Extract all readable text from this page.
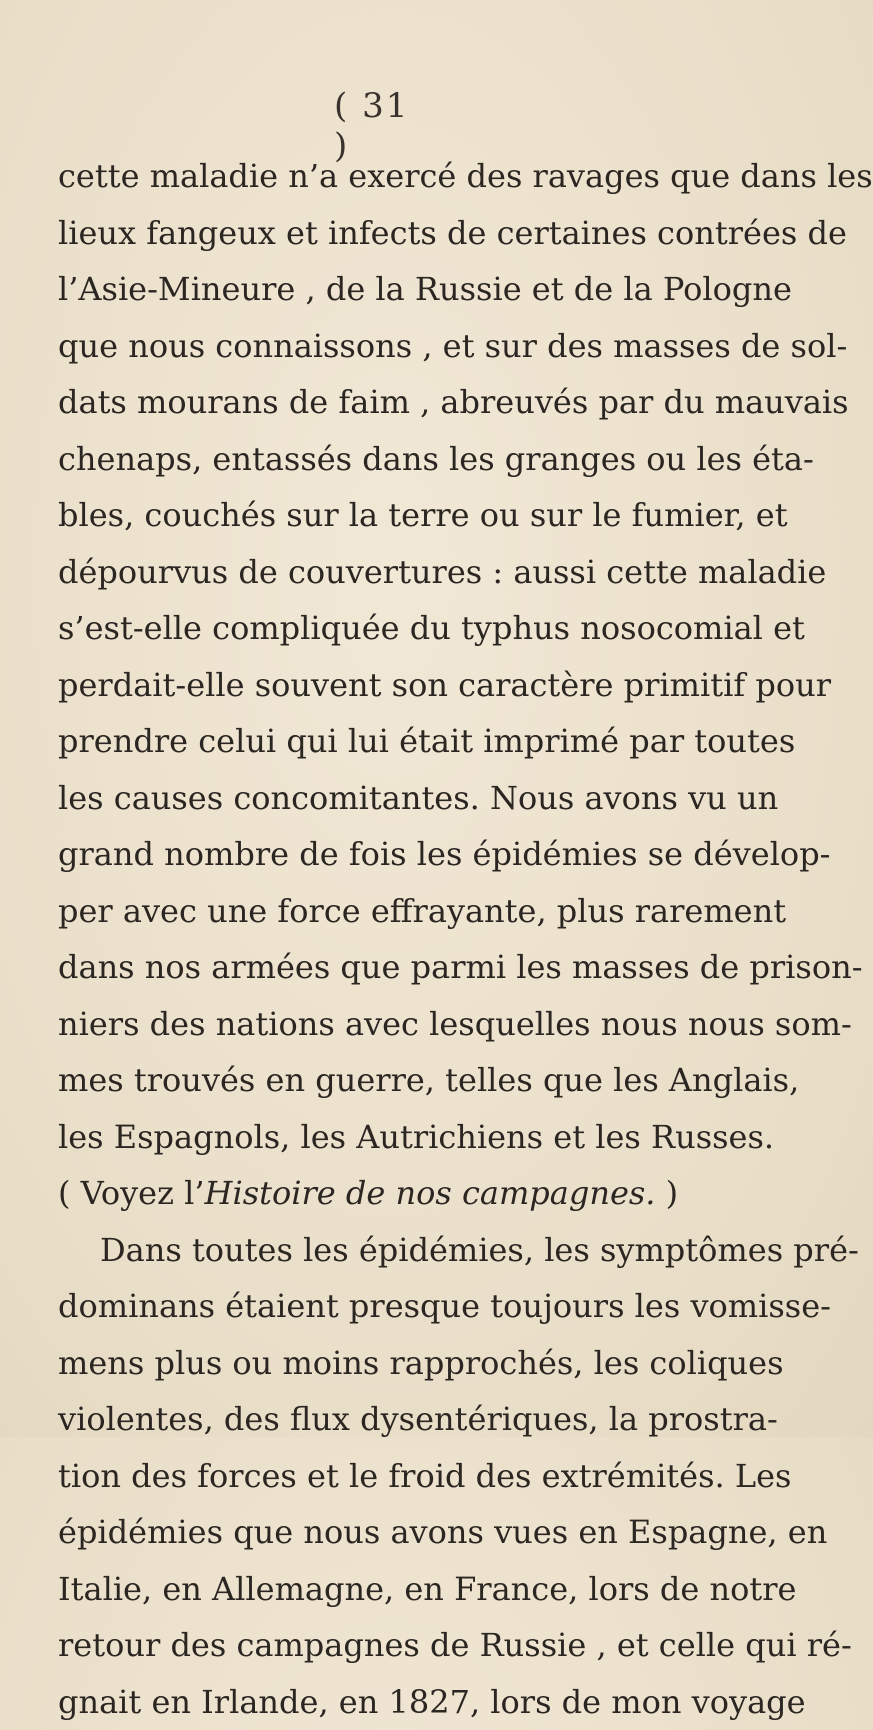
( 31 )
cette maladie n’a exercé des ravages que dans les
lieux fangeux et infects de certaines contrées de
l’Asie-Mineure , de la Russie et de la Pologne
que nous connaissons , et sur des masses de sol-
dats mourans de faim , abreuvés par du mauvais
chenaps, entassés dans les granges ou les éta-
bles, couchés sur la terre ou sur le fumier, et
dépourvus de couvertures : aussi cette maladie
s’est-elle compliquée du typhus nosocomial et
perdait-elle souvent son caractère primitif pour
prendre celui qui lui était imprimé par toutes
les causes concomitantes. Nous avons vu un
grand nombre de fois les épidémies se dévelop-
per avec une force effrayante, plus rarement
dans nos armées que parmi les masses de prison-
niers des nations avec lesquelles nous nous som-
mes trouvés en guerre, telles que les Anglais,
les Espagnols, les Autrichiens et les Russes.
( Voyez l’Histoire de nos campagnes. )
Dans toutes les épidémies, les symptômes pré-
dominans étaient presque toujours les vomisse-
mens plus ou moins rapprochés, les coliques
violentes, des flux dysentériques, la prostra-
tion des forces et le froid des extrémités. Les
épidémies que nous avons vues en Espagne, en
Italie, en Allemagne, en France, lors de notre
retour des campagnes de Russie , et celle qui ré-
gnait en Irlande, en 1827, lors de mon voyage
